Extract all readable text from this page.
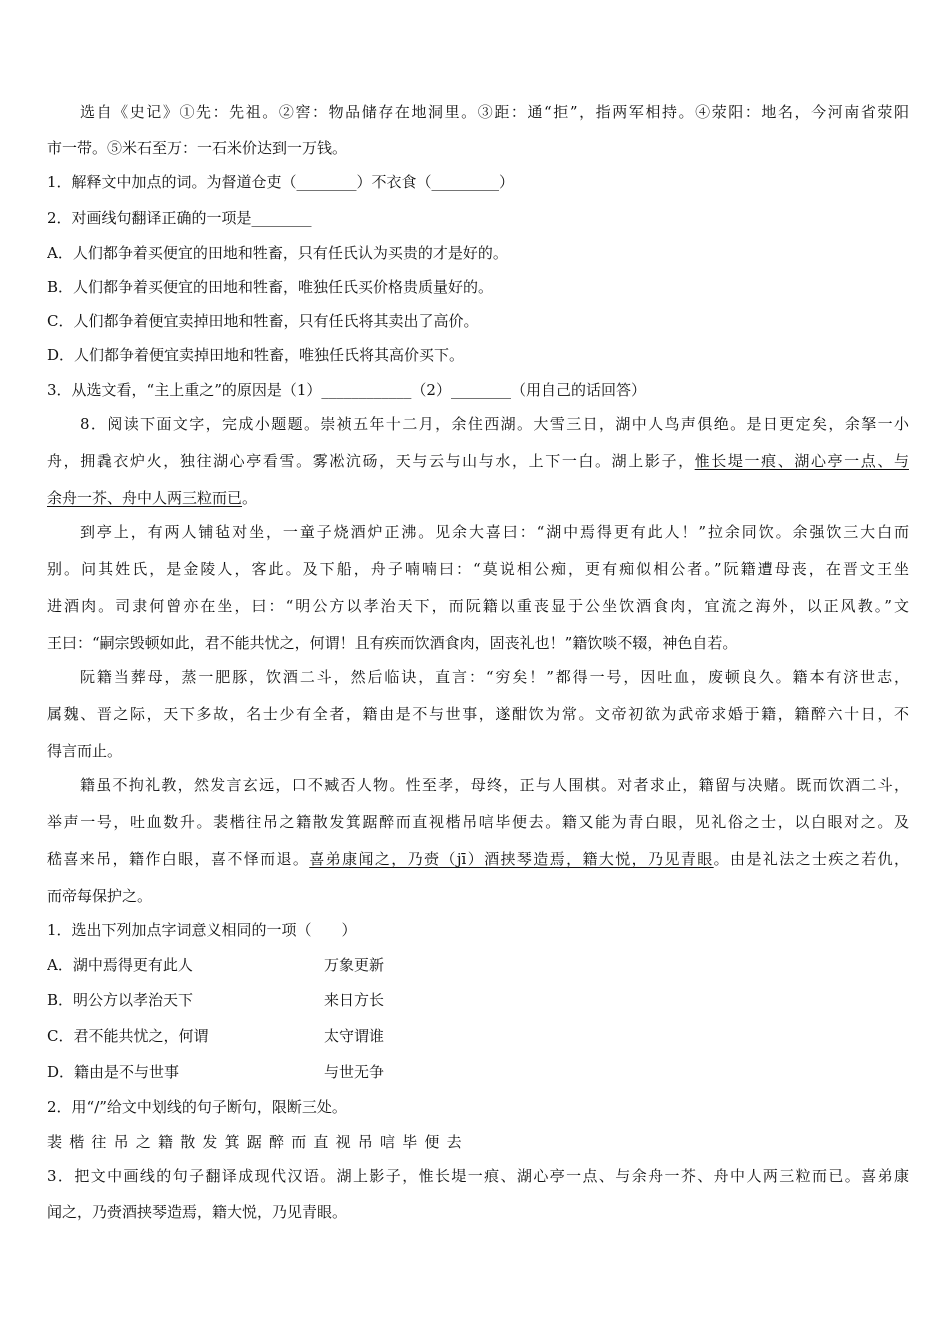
选自《史记》①先：先祖。②窖：物品储存在地洞里。③距：通“拒”，指两军相持。④荥阳：地名，今河南省荥阳
市一带。⑤米石至万：一石米价达到一万钱。
1．解释文中加点的词。为督道仓吏（________）不衣食（_________）
2．对画线句翻译正确的一项是________
A．人们都争着买便宜的田地和牲畜，只有任氏认为买贵的才是好的。
B．人们都争着买便宜的田地和牲畜，唯独任氏买价格贵质量好的。
C．人们都争着便宜卖掉田地和牲畜，只有任氏将其卖出了高价。
D．人们都争着便宜卖掉田地和牲畜，唯独任氏将其高价买下。
3．从选文看，“主上重之”的原因是（1）____________（2）________（用自己的话回答）
8．阅读下面文字，完成小题题。崇祯五年十二月，余住西湖。大雪三日，湖中人鸟声俱绝。是日更定矣，余拏一小
舟，拥毳衣炉火，独往湖心亭看雪。雾凇沆砀，天与云与山与水，上下一白。湖上影子，惟长堤一痕、湖心亭一点、与
余舟一芥、舟中人两三粒而已。
到亭上，有两人铺毡对坐，一童子烧酒炉正沸。见余大喜曰：“湖中焉得更有此人！”拉余同饮。余强饮三大白而
别。问其姓氏，是金陵人，客此。及下船，舟子喃喃曰：“莫说相公痴，更有痴似相公者。”阮籍遭母丧，在晋文王坐
进酒肉。司隶何曾亦在坐，曰：“明公方以孝治天下，而阮籍以重丧显于公坐饮酒食肉，宜流之海外，以正风教。”文
王曰：“嗣宗毁顿如此，君不能共忧之，何谓！且有疾而饮酒食肉，固丧礼也！”籍饮啖不辍，神色自若。
阮籍当葬母，蒸一肥豚，饮酒二斗，然后临诀，直言：“穷矣！”都得一号，因吐血，废顿良久。籍本有济世志，
属魏、晋之际，天下多故，名士少有全者，籍由是不与世事，遂酣饮为常。文帝初欲为武帝求婚于籍，籍醉六十日，不
得言而止。
籍虽不拘礼教，然发言玄远，口不臧否人物。性至孝，母终，正与人围棋。对者求止，籍留与决赌。既而饮酒二斗，
举声一号，吐血数升。裴楷往吊之籍散发箕踞醉而直视楷吊唁毕便去。籍又能为青白眼，见礼俗之士，以白眼对之。及
嵇喜来吊，籍作白眼，喜不怿而退。喜弟康闻之，乃赍（jī）酒挟琴造焉，籍大悦，乃见青眼。由是礼法之士疾之若仇，
而帝每保护之。
1．选出下列加点字词意义相同的一项（　　）
A．湖中焉得更有此人	万象更新
B．明公方以孝治天下	来日方长
C．君不能共忧之，何谓	太守谓谁
D．籍由是不与世事	与世无争
2．用“/”给文中划线的句子断句，限断三处。
裴楷往吊之籍散发箕踞醉而直视吊唁毕便去
3．把文中画线的句子翻译成现代汉语。湖上影子，惟长堤一痕、湖心亭一点、与余舟一芥、舟中人两三粒而已。喜弟康
闻之，乃赍酒挟琴造焉，籍大悦，乃见青眼。
